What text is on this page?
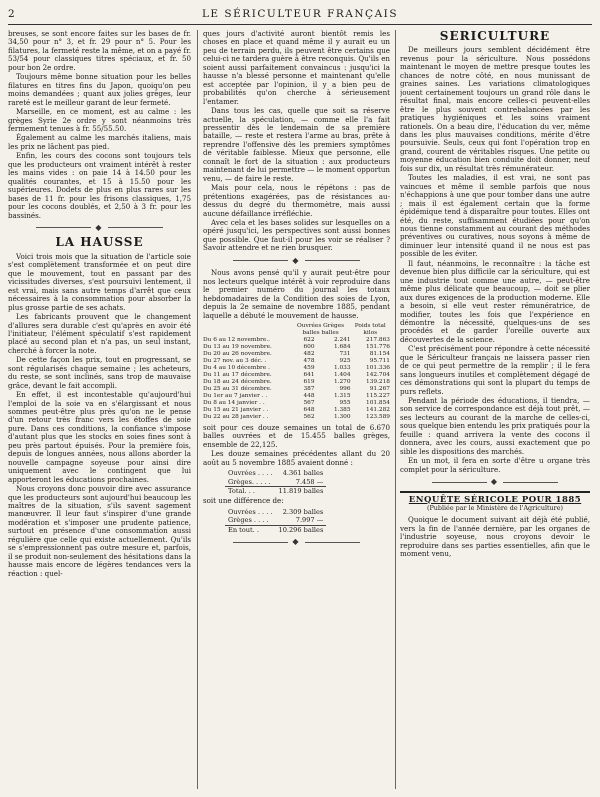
2	LE SÉRICULTEUR FRANÇAIS

breuses, se sont encore faites sur les bases de fr. 34,50 pour n° 3, et fr. 29 pour n° 5. Pour les filatures, la fermeté reste la même, et on a payé fr. 53/54 pour classiques titres spéciaux, et fr. 50 pour bon 2e ordre.

Toujours même bonne situation pour les belles filatures en titres fins du Japon, quoiqu'on peu moins demandées ; quant aux jolies grèges, leur rareté est le meilleur garant de leur fermeté.

Marseille, en ce moment, est au calme : les grèges Syrie 2e ordre y sont néanmoins très fermement tenues à fr. 55/55.50.

Également au calme les marchés italiens, mais les prix ne lâchent pas pied.

Enfin, les cours des cocons sont toujours tels que les producteurs ont vraiment intérêt à rester les mains vides : on paie 14 à 14.50 pour les qualités courantes, et 15 à 15.50 pour les supérieures. Dodets de plus en plus rares sur les bases de 11 fr. pour les frisons classiques, 1,75 pour les cocons doublés, et 2,50 à 3 fr. pour les bassinés.

◆
LA HAUSSE

Voici trois mois que la situation de l'article soie s'est complètement transformée et on peut dire que le mouvement, tout en passant par des vicissitudes diverses, s'est poursuivi lentement, il est vrai, mais sans autre temps d'arrêt que ceux nécessaires à la consommation pour absorber la plus grosse partie de ses achats.

Les fabricants prouvent que le changement d'allures sera durable c'est qu'après en avoir été l'initiateur, l'élément spéculatif s'est rapidement placé au second plan et n'a pas, un seul instant, cherché à forcer la note.

De cette façon les prix, tout en progressant, se sont régularisés chaque semaine ; les acheteurs, du reste, se sont inclinés, sans trop de mauvaise grâce, devant le fait accompli.

En effet, il est incontestable qu'aujourd'hui l'emploi de la soie va en s'élargissant et nous sommes peut-être plus près qu'on ne le pense d'un retour très franc vers les étoffes de soie pure. Dans ces conditions, la confiance s'impose d'autant plus que les stocks en soies fines sont à peu près partout épuisés. Pour la première fois, depuis de longues années, nous allons aborder la nouvelle campagne soyeuse pour ainsi dire uniquement avec le contingent que lui apporteront les éducations prochaines.

Nous croyons donc pouvoir dire avec assurance que les producteurs sont aujourd'hui beaucoup les maîtres de la situation, s'ils savent sagement manœuvrer. Il leur faut s'inspirer d'une grande modération et s'imposer une prudente patience, surtout en présence d'une consommation aussi régulière que celle qui existe actuellement. Qu'ils se s'empressionnent pas outre mesure et, parfois, il se produit non-seulement des hésitations dans la hausse mais encore de légères tendances vers la réaction : quel-

ques jours d'activité auront bientôt remis les choses en place et quand même il y aurait eu un peu de terrain perdu, ils peuvent être certains que celui-ci ne tardera guère à être reconquis. Qu'ils en soient aussi parfaitement convaincus : jusqu'ici la hausse n'a blessé personne et maintenant qu'elle est acceptée par l'opinion, il y a bien peu de probabilités qu'on cherche à sérieusement l'entamer.

Dans tous les cas, quelle que soit sa réserve actuelle, la spéculation, — comme elle l'a fait pressentir dès le lendemain de sa première bataille, — reste et restera l'arme au bras, prête à reprendre l'offensive dès les premiers symptômes de véritable faiblesse. Mieux que personne, elle connaît le fort de la situation : aux producteurs maintenant de lui permettre — le moment opportun venu, — de faire le reste.

Mais pour cela, nous le répétons : pas de prétentions exagérées, pas de résistances au-dessus du degré du thermomètre, mais aussi aucune défaillance irréfléchie.

Avec cela et les bases solides sur lesquelles on a opéré jusqu'ici, les perspectives sont aussi bonnes que possible. Que faut-il pour les voir se réaliser ? Savoir attendre et ne rien brusquer.

◆

Nous avons pensé qu'il y aurait peut-être pour nos lecteurs quelque intérêt à voir reproduire dans le premier numéro du journal les totaux hebdomadaires de la Condition des soies de Lyon, depuis la 2e semaine de novembre 1885, pendant laquelle a débuté le mouvement de hausse.

	Ouvrées Grèges		Poids total
	balles balles		kilos
Du 6 au 12 novembre..	622	2.241	217.863
Du 13 au 19 novembre.	600	1.684	151.776
Du 20 au 26 novembre.	482	731	81.154
Du 27 nov. au 3 déc. .	478	925	95.711
Du 4 au 10 décembre .	459	1.033	101.336
Du 11 au 17 décembre.	641	1.404	142.704
Du 18 au 24 décembre.	619	1.270	139.218
Du 25 au 31 décembre.	387	996	91.267
Du 1er au 7 janvier . .	448	1.315	115.227
Du 8 au 14 janvier . .	567	955	101.854
Du 15 au 21 janvier . .	648	1.385	141.282
Du 22 au 28 janvier . .	562	1.300	123.589

soit pour ces douze semaines un total de 6.670 balles ouvrées et de 15.455 balles grèges, ensemble de 22,125.

Les douze semaines précédentes allant du 20 août au 5 novembre 1885 avaient donné :

Ouvrées . . . .	4.361 balles
Grèges. . . . .	7.458 —
Total. . .	11.819 balles

soit une différence de:

Ouvrées . . . .	2.309 balles
Grèges . . . .	7.997 —
En tout. .	10.296 balles
◆
SÉRICULTURE

De meilleurs jours semblent décidément être revenus pour la sériculture. Nous possédons maintenant le moyen de mettre presque toutes les chances de notre côté, en nous munissant de graines saines. Les variations climatologiques jouent certainement toujours un grand rôle dans le résultat final, mais encore celles-ci peuvent-elles être le plus souvent contrebalancées par les pratiques hygiéniques et les soins vraiment rationels. On a beau dire, l'éducation du ver, même dans les plus mauvaises conditions, mérite d'être poursuivie. Seuls, ceux qui font l'opération trop en grand, courent de véritables risques. Une petite ou moyenne éducation bien conduite doit donner, neuf fois sur dix, un résultat très rémunérateur.

Toutes les maladies, il est vrai, ne sont pas vaincues et même il semble parfois que nous n'échappions à une que pour tomber dans une autre ; mais il est également certain que la forme épidémique tend à disparaître pour toutes. Elles ont été, du reste, suffisamment étudiées pour qu'on nous tienne constamment au courant des méthodes préventives ou curatives, nous soyons à même de diminuer leur intensité quand il ne nous est pas possible de les éviter.

Il faut, néanmoins, le reconnaître : la tâche est devenue bien plus difficile car la sériculture, qui est une industrie tout comme une autre, — peut-être même plus délicate que beaucoup, — doit se plier aux dures exigences de la production moderne. Elle a besoin, si elle veut rester rémunératrice, de modifier, toutes les fois que l'expérience en démontre la nécessité, quelques-uns de ses procédés et de garder l'oreille ouverte aux découvertes de la science.

C'est précisément pour répondre à cette nécessité que le Sériculteur français ne laissera passer rien de ce qui peut permettre de la remplir ; il le fera sans longueurs inutiles et complètement dégagé de ces démonstrations qui sont la plupart du temps de purs reflets.

Pendant la période des éducations, il tiendra, — son service de correspondance est déjà tout prêt, — ses lecteurs au courant de la marche de celles-ci, sous quelque bien entendu les prix pratiqués pour la feuille : quand arrivera la vente des cocons il donnera, avec les cours, aussi exactement que po sible les dispositions des marchés.

En un mot, il fera en sorte d'être u organe très complet pour la sériculture.

◆
ENQUÊTE SÉRICOLE POUR 1885
(Publiée par le Ministère de l'Agriculture)

Quoique le document suivant ait déjà été publié, vers la fin de l'année dernière, par les organes de l'industrie soyeuse, nous croyons devoir le reproduire dans ses parties essentielles, afin que le moment venu,
